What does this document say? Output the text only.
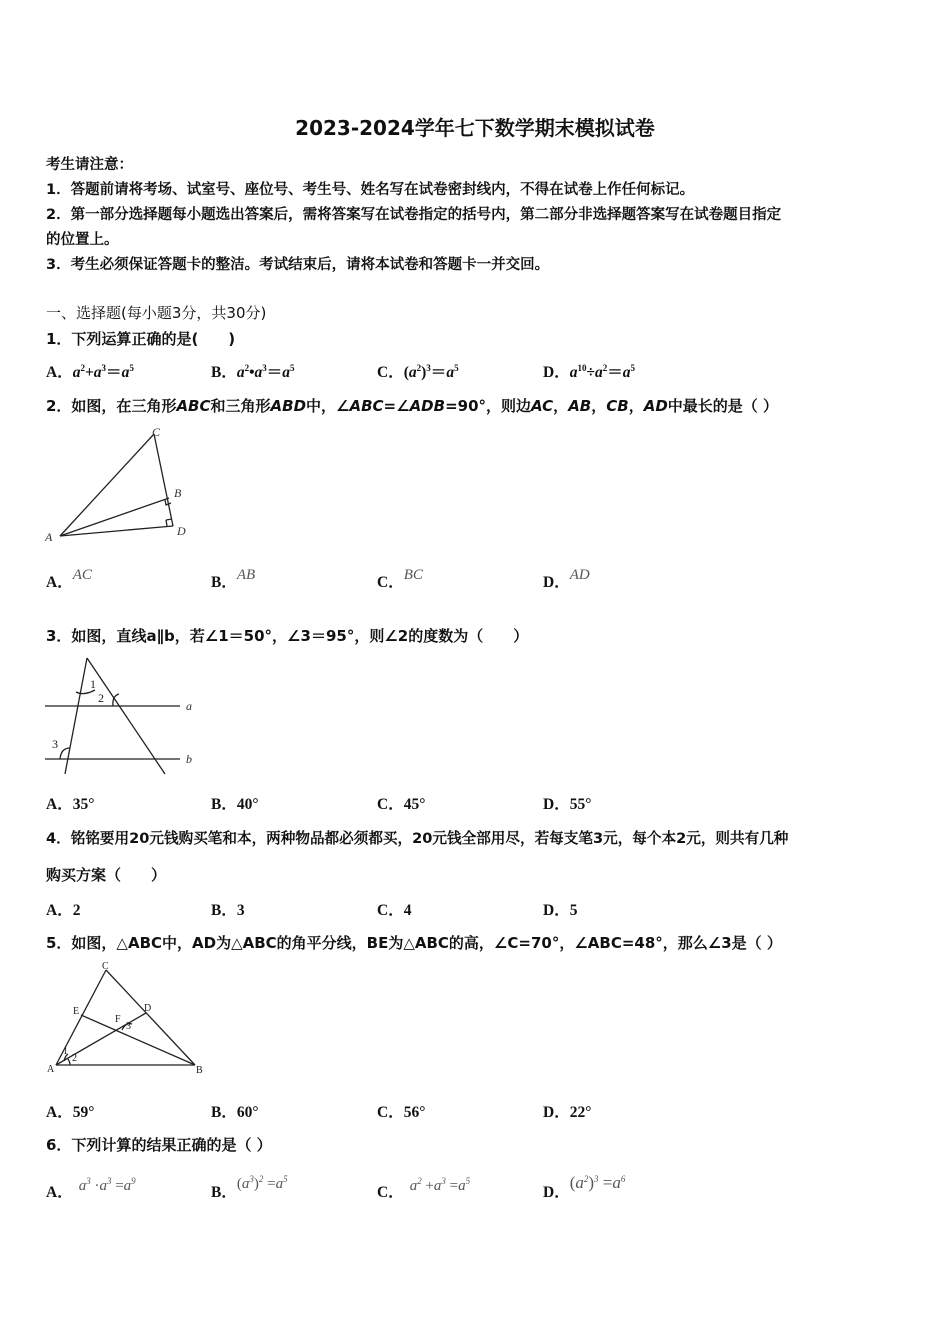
2023-2024学年七下数学期末模拟试卷
考生请注意：
1．答题前请将考场、试室号、座位号、考生号、姓名写在试卷密封线内，不得在试卷上作任何标记。
2．第一部分选择题每小题选出答案后，需将答案写在试卷指定的括号内，第二部分非选择题答案写在试卷题目指定
的位置上。
3．考生必须保证答题卡的整洁。考试结束后，请将本试卷和答题卡一并交回。
一、选择题(每小题3分，共30分)
1．下列运算正确的是(　　)
A．$a^2+a^3=a^5$	B．$a^2•a^3=a^5$	C．$(a^2)^3=a^5$	D．$a^{10}\div a^2=a^5$
2．如图，在三角形ABC和三角形ABD中，∠ABC=∠ADB=90°，则边AC，AB，CB，AD中最长的是（ ）
C
B
A	D
A．AC	B．AB	C．BC	D．AD
3．如图，直线a∥b，若∠1＝50°，∠3＝95°，则∠2的度数为（　　）
1
2
3
a
b
A．35°	B．40°	C．45°	D．55°
4．铭铭要用20元钱购买笔和本，两种物品都必须都买，20元钱全部用尽，若每支笔3元，每个本2元，则共有几种
购买方案（　　）
A．2	B．3	C．4	D．5
5．如图，△ABC中，AD为△ABC的角平分线，BE为△ABC的高，∠C=70°，∠ABC=48°，那么∠3是（ ）
C
E	D
F
3
1
2
A	B
A．59°	B．60°	C．56°	D．22°
6．下列计算的结果正确的是（ ）
A． $a^3 \cdot a^3 =a^9$
B．$(a^3)^2 =a^5$
C． $a^2 +a^3 =a^5$
D．$(a^2)^3 =a^6$
